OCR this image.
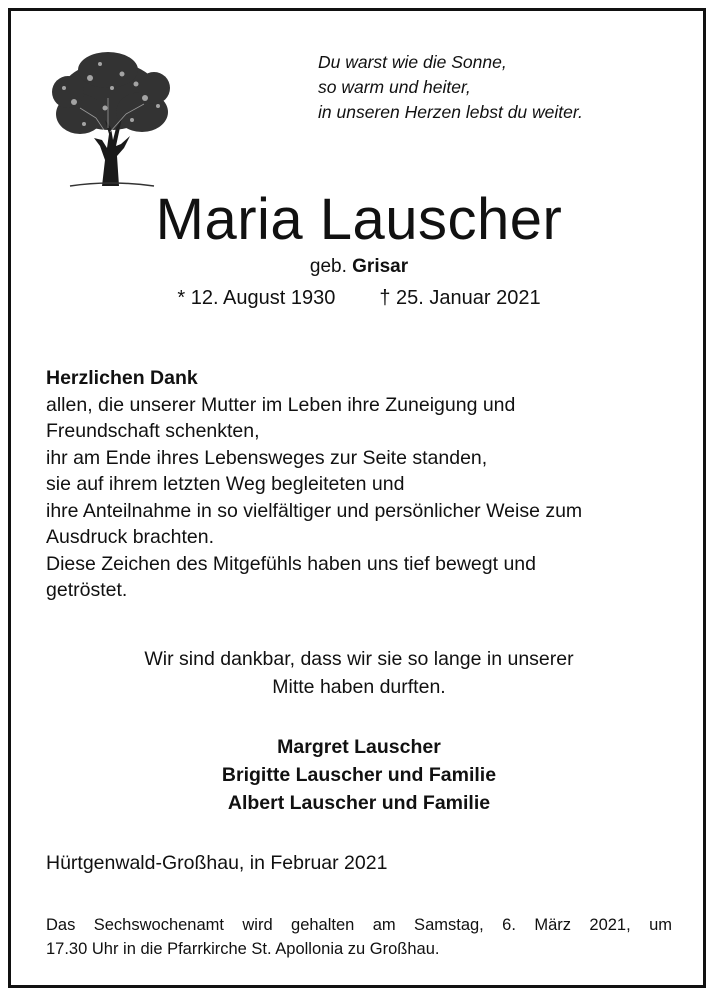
Du warst wie die Sonne,
so warm und heiter,
in unseren Herzen lebst du weiter.
Maria Lauscher
geb. Grisar
* 12. August 1930 † 25. Januar 2021
Herzlichen Dank
allen, die unserer Mutter im Leben ihre Zuneigung und
Freundschaft schenkten,
ihr am Ende ihres Lebensweges zur Seite standen,
sie auf ihrem letzten Weg begleiteten und
ihre Anteilnahme in so vielfältiger und persönlicher Weise zum
Ausdruck brachten.
Diese Zeichen des Mitgefühls haben uns tief bewegt und
getröstet.
Wir sind dankbar, dass wir sie so lange in unserer
Mitte haben durften.
Margret Lauscher
Brigitte Lauscher und Familie
Albert Lauscher und Familie
Hürtgenwald-Großhau, in Februar 2021
Das Sechswochenamt wird gehalten am Samstag, 6. März 2021, um
17.30 Uhr in die Pfarrkirche St. Apollonia zu Großhau.
